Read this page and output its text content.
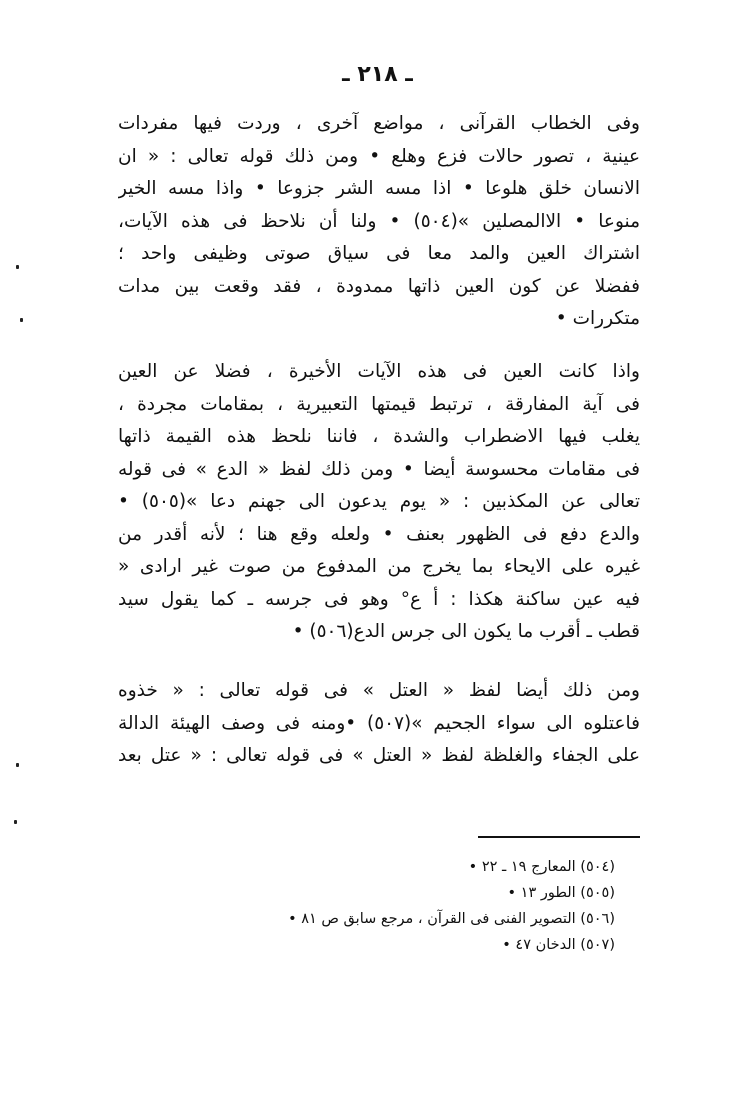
ـ ٢١٨ ـ
وفى الخطاب القرآنى ، مواضع آخرى ، وردت فيها مفردات
عينية ، تصور حالات فزع وهلع • ومن ذلك قوله تعالى : « ان
الانسان خلق هلوعا • اذا مسه الشر جزوعا • واذا مسه الخير
منوعا • الاالمصلين »(٥٠٤) • ولنا أن نلاحظ فى هذه الآيات،
اشتراك العين والمد معا فى سياق صوتى وظيفى واحد ؛
ففضلا عن كون العين ذاتها ممدودة ، فقد وقعت بين مدات
متكررات •
واذا كانت العين فى هذه الآيات الأخيرة ، فضلا عن العين
فى آية المفارقة ، ترتبط قيمتها التعبيرية ، بمقامات مجردة ،
يغلب فيها الاضطراب والشدة ، فاننا نلحظ هذه القيمة ذاتها
فى مقامات محسوسة أيضا • ومن ذلك لفظ « الدع » فى قوله
تعالى عن المكذبين : « يوم يدعون الى جهنم دعا »(٥٠٥) •
والدع دفع فى الظهور بعنف • ولعله وقع هنا ؛ لأنه أقدر من
غيره على الايحاء بما يخرج من المدفوع من صوت غير ارادى «
فيه عين ساكنة هكذا : أ ع° وهو فى جرسه ـ كما يقول سيد
قطب ـ أقرب ما يكون الى جرس الدع(٥٠٦) •
ومن ذلك أيضا لفظ « العتل » فى قوله تعالى : « خذوه
فاعتلوه الى سواء الجحيم »(٥٠٧) •ومنه فى وصف الهيئة الدالة
على الجفاء والغلظة لفظ « العتل » فى قوله تعالى : « عتل بعد
(٥٠٤) المعارج ١٩ ـ ٢٢ •
(٥٠٥) الطور ١٣ •
(٥٠٦) التصوير الفنى فى القرآن ، مرجع سابق ص ٨١ •
(٥٠٧) الدخان ٤٧ •
